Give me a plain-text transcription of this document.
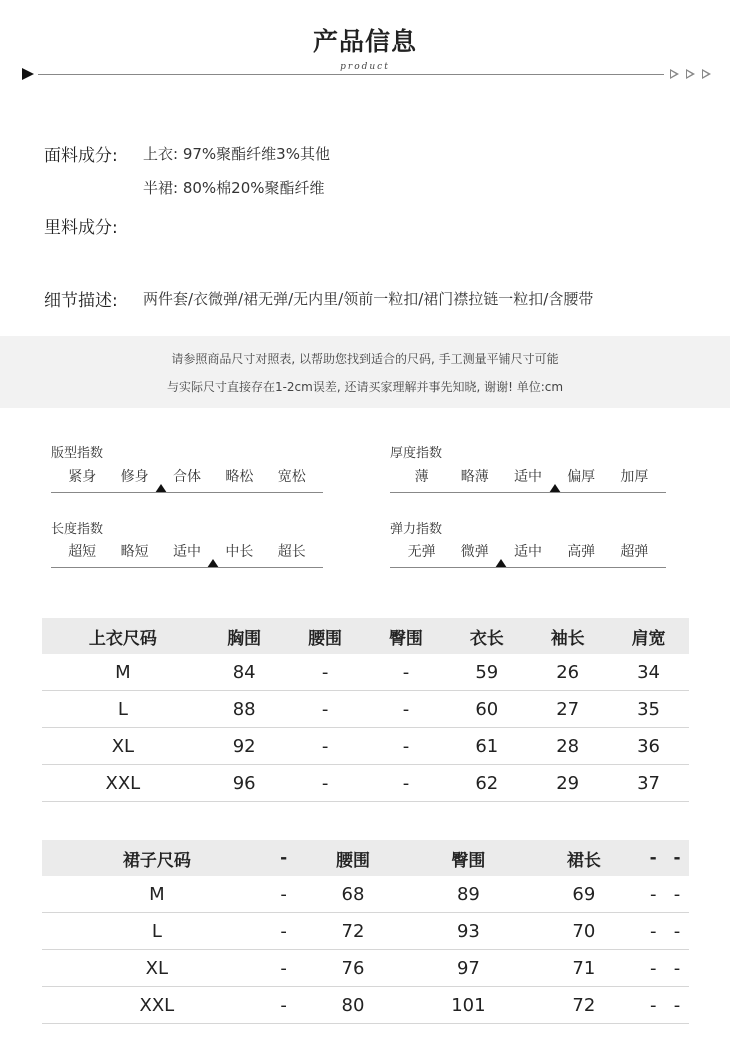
产品信息
product
面料成分: 上衣: 97%聚酯纤维3%其他
半裙: 80%棉20%聚酯纤维
里料成分:
细节描述: 两件套/衣微弹/裙无弹/无内里/领前一粒扣/裙门襟拉链一粒扣/含腰带
请参照商品尺寸对照表, 以帮助您找到适合的尺码, 手工测量平铺尺寸可能
与实际尺寸直接存在1-2cm误差, 还请买家理解并事先知晓, 谢谢! 单位:cm
版型指数
紧身	修身	合体	略松	宽松
厚度指数
薄	略薄	适中	偏厚	加厚
长度指数
超短	略短	适中	中长	超长
弹力指数
无弹	微弹	适中	高弹	超弹
上衣尺码	胸围	腰围	臀围	衣长	袖长	肩宽
M	84	-	-	59	26	34
L	88	-	-	60	27	35
XL	92	-	-	61	28	36
XXL	96	-	-	62	29	37
裙子尺码	-	腰围	臀围	裙长	-	-
M	-	68	89	69	-	-
L	-	72	93	70	-	-
XL	-	76	97	71	-	-
XXL	-	80	101	72	-	-
